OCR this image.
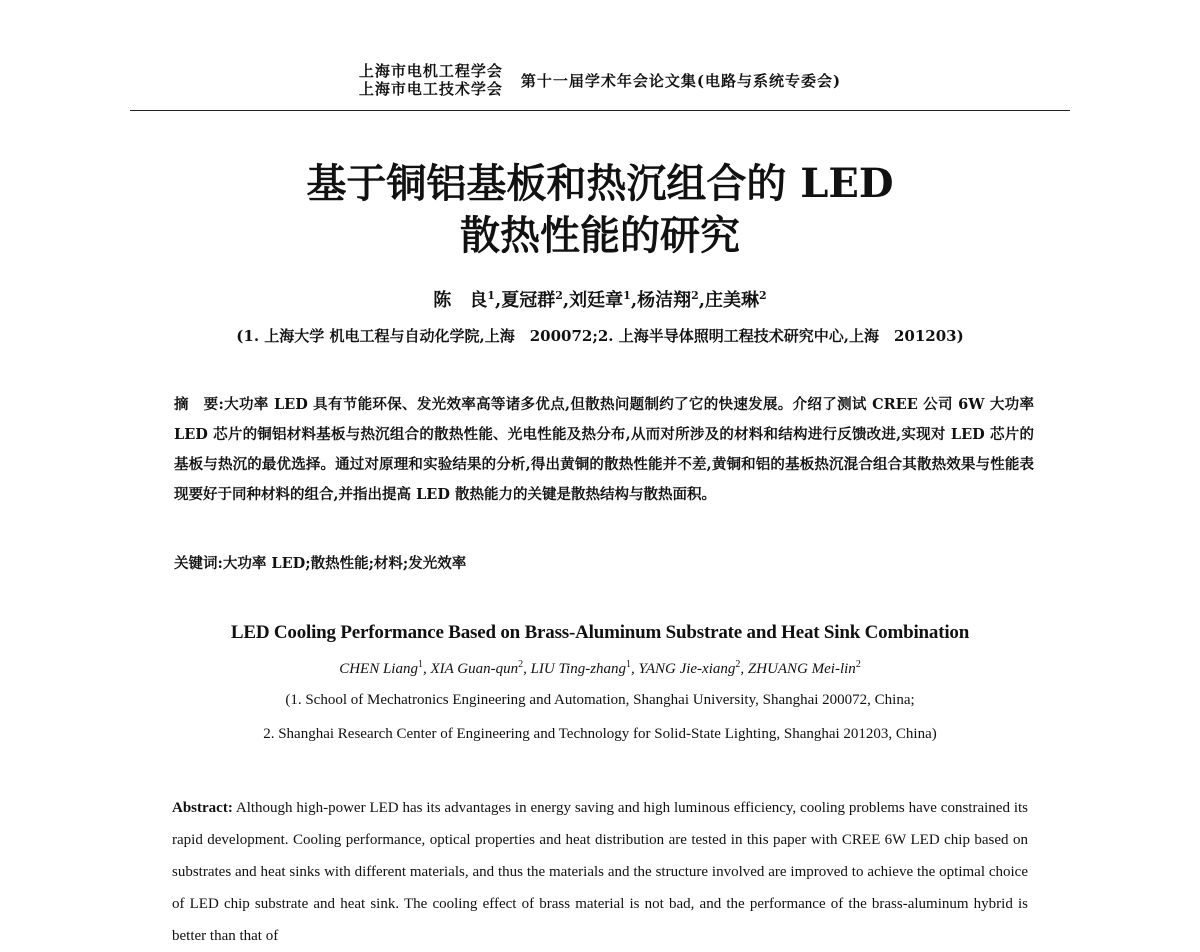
上海市电机工程学会
上海市电工技术学会 第十一届学术年会论文集(电路与系统专委会)
基于铜铝基板和热沉组合的 LED
散热性能的研究
陈　良$^1$,夏冠群$^2$,刘廷章$^1$,杨洁翔$^2$,庄美琳$^2$
(1. 上海大学 机电工程与自动化学院,上海　200072;2. 上海半导体照明工程技术研究中心,上海　201203)
摘　要:大功率 LED 具有节能环保、发光效率高等诸多优点,但散热问题制约了它的快速发展。介绍了测试 CREE 公司 6W 大功率 LED 芯片的铜铝材料基板与热沉组合的散热性能、光电性能及热分布,从而对所涉及的材料和结构进行反馈改进,实现对 LED 芯片的基板与热沉的最优选择。通过对原理和实验结果的分析,得出黄铜的散热性能并不差,黄铜和铝的基板热沉混合组合其散热效果与性能表现要好于同种材料的组合,并指出提高 LED 散热能力的关键是散热结构与散热面积。
关键词:大功率 LED;散热性能;材料;发光效率
LED Cooling Performance Based on Brass-Aluminum Substrate and Heat Sink Combination
CHEN Liang$^1$, XIA Guan-qun$^2$, LIU Ting-zhang$^1$, YANG Jie-xiang$^2$, ZHUANG Mei-lin$^2$
(1. School of Mechatronics Engineering and Automation, Shanghai University, Shanghai 200072, China;
2. Shanghai Research Center of Engineering and Technology for Solid-State Lighting, Shanghai 201203, China)
Abstract: Although high-power LED has its advantages in energy saving and high luminous efficiency, cooling problems have constrained its rapid development. Cooling performance, optical properties and heat distribution are tested in this paper with CREE 6W LED chip based on substrates and heat sinks with different materials, and thus the materials and the structure involved are improved to achieve the optimal choice of LED chip substrate and heat sink. The cooling effect of brass material is not bad, and the performance of the brass-aluminum hybrid is better than that of
